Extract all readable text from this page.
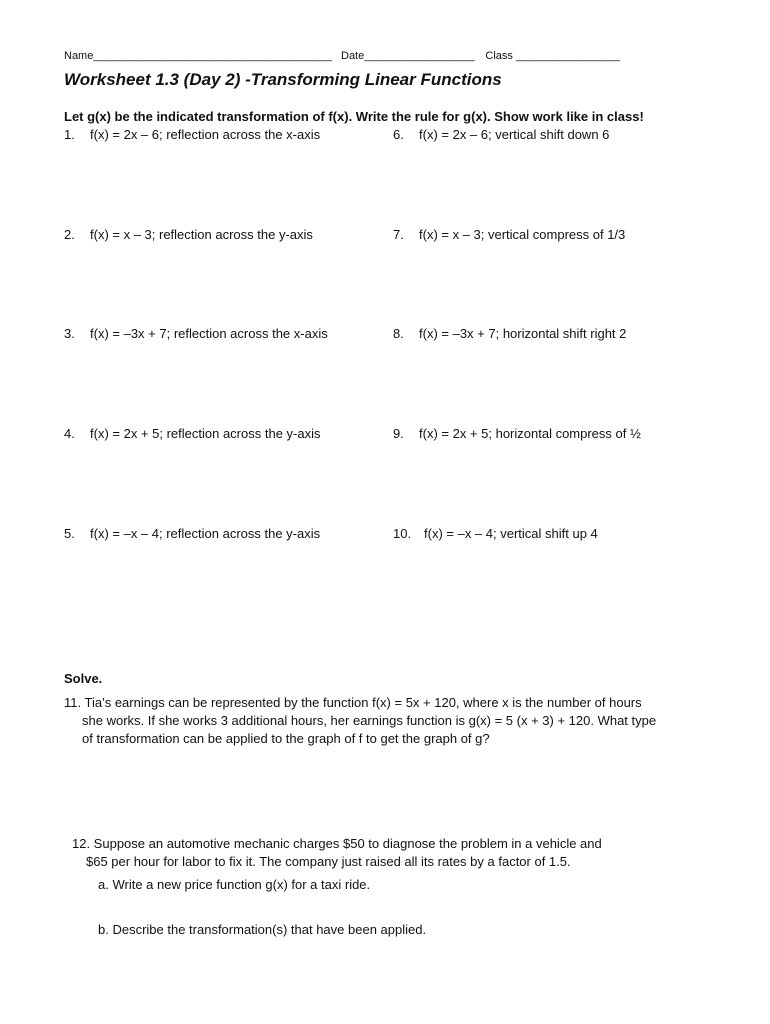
Name_______________________________________ Date__________________ Class _________________
Worksheet 1.3 (Day 2) -Transforming Linear Functions
Let g(x) be the indicated transformation of f(x). Write the rule for g(x). Show work like in class!
1. f(x) = 2x – 6; reflection across the x-axis
2. f(x) = x – 3; reflection across the y-axis
3. f(x) = –3x + 7; reflection across the x-axis
4. f(x) = 2x + 5; reflection across the y-axis
5. f(x) = –x – 4; reflection across the y-axis
6. f(x) = 2x – 6; vertical shift down 6
7. f(x) = x – 3; vertical compress of 1/3
8. f(x) = –3x + 7; horizontal shift right 2
9. f(x) = 2x + 5; horizontal compress of ½
10. f(x) = –x – 4; vertical shift up 4
Solve.
11. Tia’s earnings can be represented by the function f(x) = 5x + 120, where x is the number of hours
she works. If she works 3 additional hours, her earnings function is g(x) = 5 (x + 3) + 120. What type
of transformation can be applied to the graph of f to get the graph of g?
12. Suppose an automotive mechanic charges $50 to diagnose the problem in a vehicle and
$65 per hour for labor to fix it. The company just raised all its rates by a factor of 1.5.
a. Write a new price function g(x) for a taxi ride.
b. Describe the transformation(s) that have been applied.
